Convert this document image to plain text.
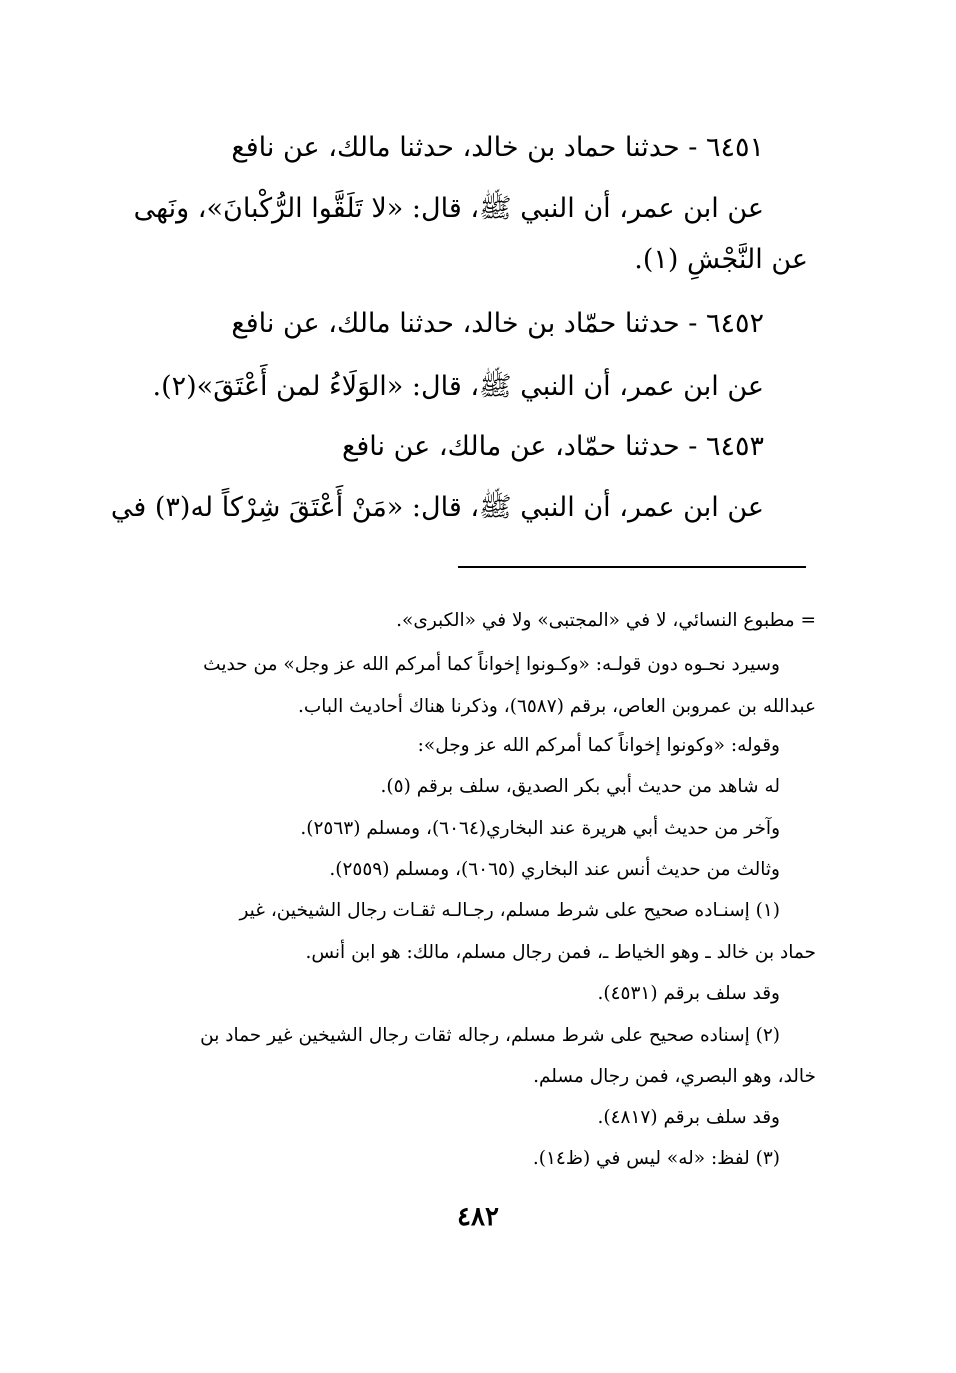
٦٤٥١ - حدثنا حماد بن خالد، حدثنا مالك، عن نافع
عن ابن عمر، أن النبي ﷺ، قال: «لا تَلَقَّوا الرُّكْبانَ»، ونَهى
عن النَّجْشِ (١).
٦٤٥٢ - حدثنا حمّاد بن خالد، حدثنا مالك، عن نافع
عن ابن عمر، أن النبي ﷺ، قال: «الوَلَاءُ لمن أَعْتَقَ»(٢).
٦٤٥٣ - حدثنا حمّاد، عن مالك، عن نافع
عن ابن عمر، أن النبي ﷺ، قال: «مَنْ أَعْتَقَ شِرْكاً له(٣) في
= مطبوع النسائي، لا في «المجتبى» ولا في «الكبرى».
وسيرد نحـوه دون قولـه: «وكـونوا إخواناً كما أمركم الله عز وجل» من حديث
عبدالله بن عمروبن العاص، برقم (٦٥٨٧)، وذكرنا هناك أحاديث الباب.
وقوله: «وكونوا إخواناً كما أمركم الله عز وجل»:
له شاهد من حديث أبي بكر الصديق، سلف برقم (٥).
وآخر من حديث أبي هريرة عند البخاري(٦٠٦٤)، ومسلم (٢٥٦٣).
وثالث من حديث أنس عند البخاري (٦٠٦٥)، ومسلم (٢٥٥٩).
(١) إسنـاده صحيح على شرط مسلم، رجـالـه ثقـات رجال الشيخين، غير
حماد بن خالد ـ وهو الخياط ـ، فمن رجال مسلم، مالك: هو ابن أنس.
وقد سلف برقم (٤٥٣١).
(٢) إسناده صحيح على شرط مسلم، رجاله ثقات رجال الشيخين غير حماد بن
خالد، وهو البصري، فمن رجال مسلم.
وقد سلف برقم (٤٨١٧).
(٣) لفظ: «له» ليس في (ظ١٤).
٤٨٢
